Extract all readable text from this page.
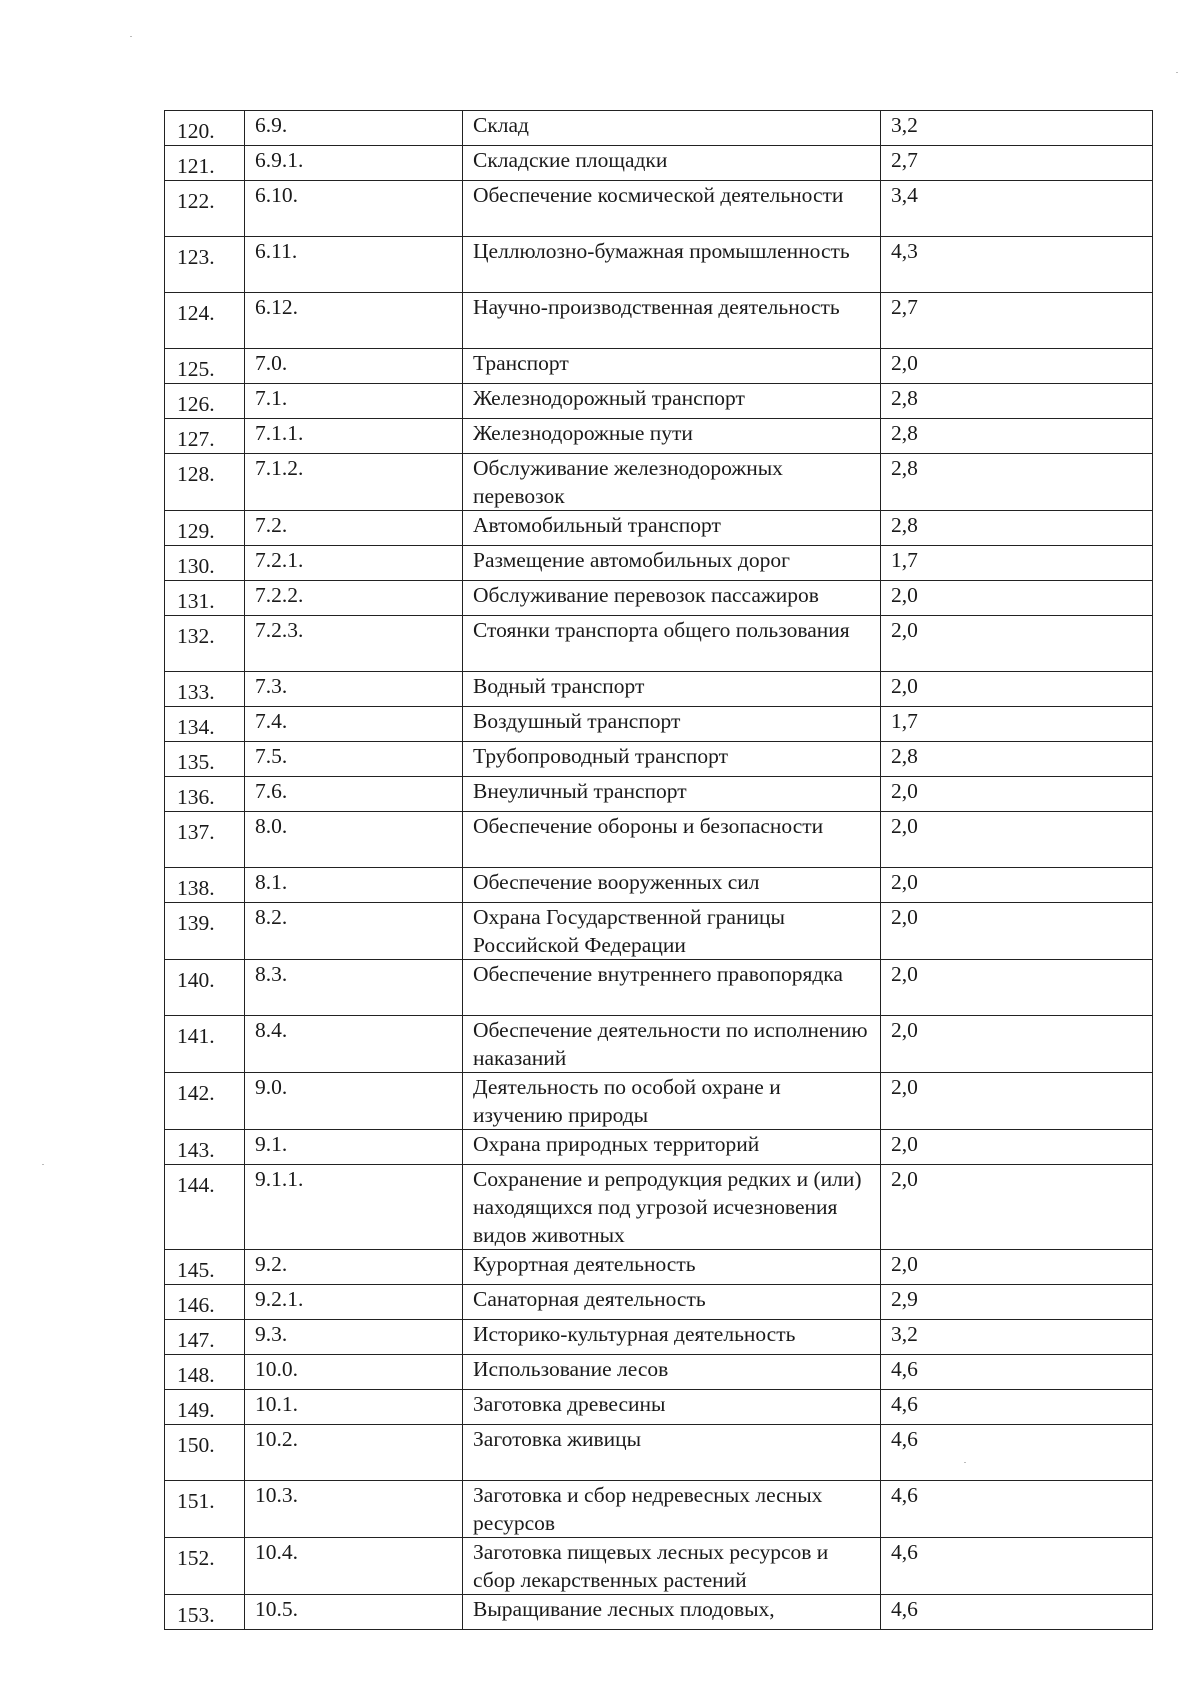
120.	6.9.	Склад	3,2
121.	6.9.1.	Складские площадки	2,7
122.	6.10.	Обеспечение космической деятельности	3,4
123.	6.11.	Целлюлозно-бумажная промышленность	4,3
124.	6.12.	Научно-производственная деятельность	2,7
125.	7.0.	Транспорт	2,0
126.	7.1.	Железнодорожный транспорт	2,8
127.	7.1.1.	Железнодорожные пути	2,8
128.	7.1.2.	Обслуживание железнодорожных перевозок	2,8
129.	7.2.	Автомобильный транспорт	2,8
130.	7.2.1.	Размещение автомобильных дорог	1,7
131.	7.2.2.	Обслуживание перевозок пассажиров	2,0
132.	7.2.3.	Стоянки транспорта общего пользования	2,0
133.	7.3.	Водный транспорт	2,0
134.	7.4.	Воздушный транспорт	1,7
135.	7.5.	Трубопроводный транспорт	2,8
136.	7.6.	Внеуличный транспорт	2,0
137.	8.0.	Обеспечение обороны и безопасности	2,0
138.	8.1.	Обеспечение вооруженных сил	2,0
139.	8.2.	Охрана Государственной границы Российской Федерации	2,0
140.	8.3.	Обеспечение внутреннего правопорядка	2,0
141.	8.4.	Обеспечение деятельности по исполнению наказаний	2,0
142.	9.0.	Деятельность по особой охране и изучению природы	2,0
143.	9.1.	Охрана природных территорий	2,0
144.	9.1.1.	Сохранение и репродукция редких и (или) находящихся под угрозой исчезновения видов животных	2,0
145.	9.2.	Курортная деятельность	2,0
146.	9.2.1.	Санаторная деятельность	2,9
147.	9.3.	Историко-культурная деятельность	3,2
148.	10.0.	Использование лесов	4,6
149.	10.1.	Заготовка древесины	4,6
150.	10.2.	Заготовка живицы	4,6
151.	10.3.	Заготовка и сбор недревесных лесных ресурсов	4,6
152.	10.4.	Заготовка пищевых лесных ресурсов и сбор лекарственных растений	4,6
153.	10.5.	Выращивание лесных плодовых,	4,6
